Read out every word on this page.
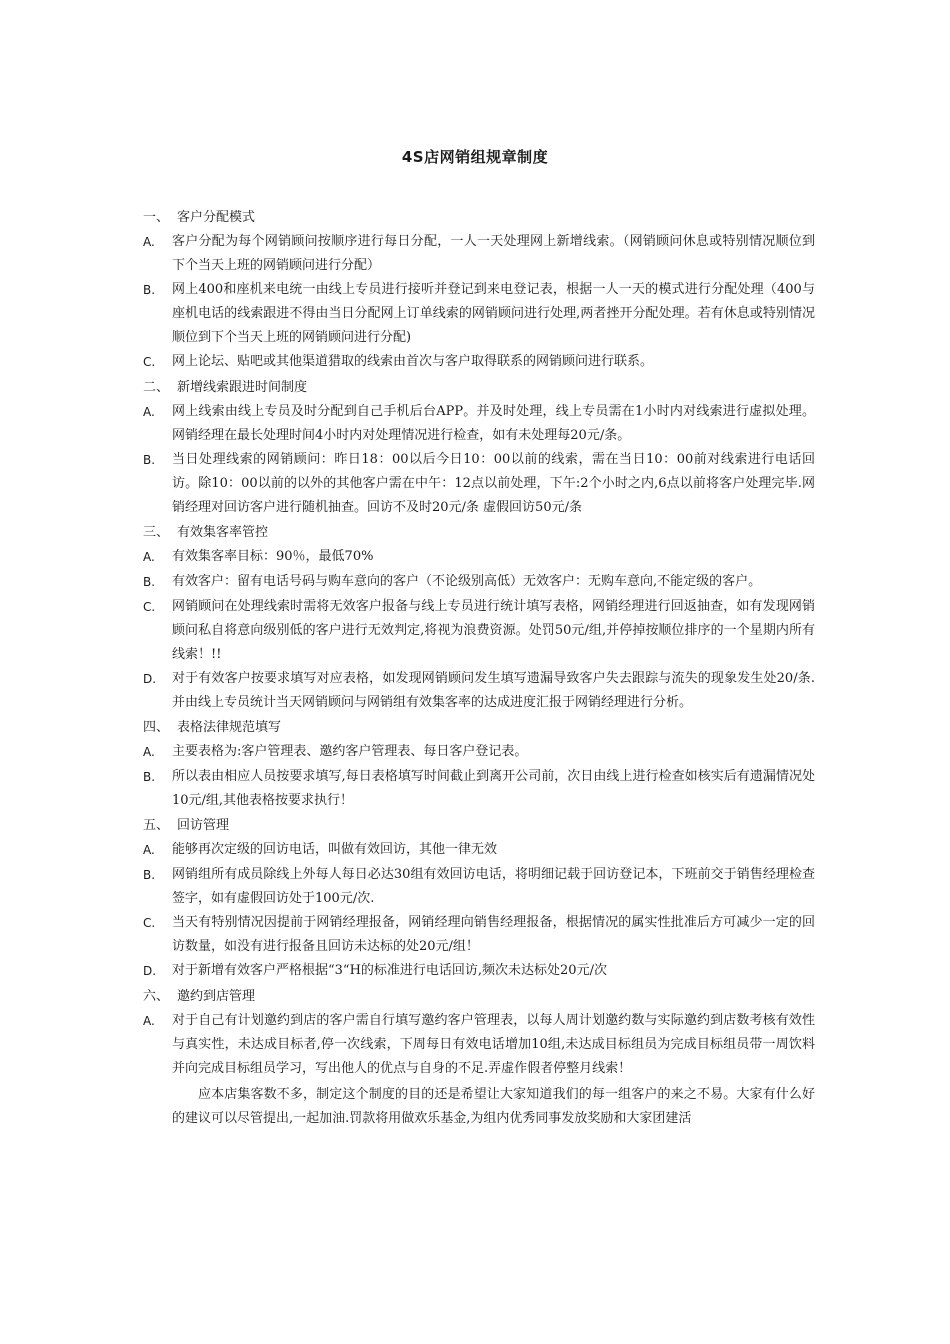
4S店网销组规章制度
一、 客户分配模式
A.	客户分配为每个网销顾问按顺序进行每日分配，一人一天处理网上新增线索。（网销顾问休息或特别情况顺位到下个当天上班的网销顾问进行分配）
B.	网上400和座机来电统一由线上专员进行接听并登记到来电登记表，根据一人一天的模式进行分配处理（400与座机电话的线索跟进不得由当日分配网上订单线索的网销顾问进行处理,两者挫开分配处理。若有休息或特别情况顺位到下个当天上班的网销顾问进行分配)
C.	网上论坛、贴吧或其他渠道猎取的线索由首次与客户取得联系的网销顾问进行联系。
二、 新增线索跟进时间制度
A.	网上线索由线上专员及时分配到自己手机后台APP。并及时处理，线上专员需在1小时内对线索进行虚拟处理。网销经理在最长处理时间4小时内对处理情况进行检查，如有未处理每20元/条。
B.	当日处理线索的网销顾问：昨日18：00以后今日10：00以前的线索，需在当日10：00前对线索进行电话回访。除10：00以前的以外的其他客户需在中午：12点以前处理，下午:2个小时之内,6点以前将客户处理完毕.网销经理对回访客户进行随机抽查。回访不及时20元/条 虚假回访50元/条
三、 有效集客率管控
A.	有效集客率目标：90％，最低70%
B.	有效客户：留有电话号码与购车意向的客户（不论级别高低）无效客户：无购车意向,不能定级的客户。
C.	网销顾问在处理线索时需将无效客户报备与线上专员进行统计填写表格，网销经理进行回返抽查，如有发现网销顾问私自将意向级别低的客户进行无效判定,将视为浪费资源。处罚50元/组,并停掉按顺位排序的一个星期内所有线索！!!
D.	对于有效客户按要求填写对应表格，如发现网销顾问发生填写遗漏导致客户失去跟踪与流失的现象发生处20/条.并由线上专员统计当天网销顾问与网销组有效集客率的达成进度汇报于网销经理进行分析。
四、 表格法律规范填写
A.	主要表格为:客户管理表、邀约客户管理表、每日客户登记表。
B.	所以表由相应人员按要求填写,每日表格填写时间截止到离开公司前，次日由线上进行检查如核实后有遗漏情况处10元/组,其他表格按要求执行！
五、 回访管理
A.	能够再次定级的回访电话，叫做有效回访，其他一律无效
B.	网销组所有成员除线上外每人每日必达30组有效回访电话，将明细记载于回访登记本，下班前交于销售经理检查签字，如有虚假回访处于100元/次.
C.	当天有特别情况因提前于网销经理报备，网销经理向销售经理报备，根据情况的属实性批准后方可减少一定的回访数量，如没有进行报备且回访未达标的处20元/组！
D.	对于新增有效客户严格根据“3“H的标准进行电话回访,频次未达标处20元/次
六、 邀约到店管理
A.	对于自己有计划邀约到店的客户需自行填写邀约客户管理表，以每人周计划邀约数与实际邀约到店数考核有效性与真实性，未达成目标者,停一次线索，下周每日有效电话增加10组,未达成目标组员为完成目标组员带一周饮料并向完成目标组员学习，写出他人的优点与自身的不足.弄虚作假者停整月线索！
应本店集客数不多，制定这个制度的目的还是希望让大家知道我们的每一组客户的来之不易。大家有什么好的建议可以尽管提出,一起加油.罚款将用做欢乐基金,为组内优秀同事发放奖励和大家团建活
